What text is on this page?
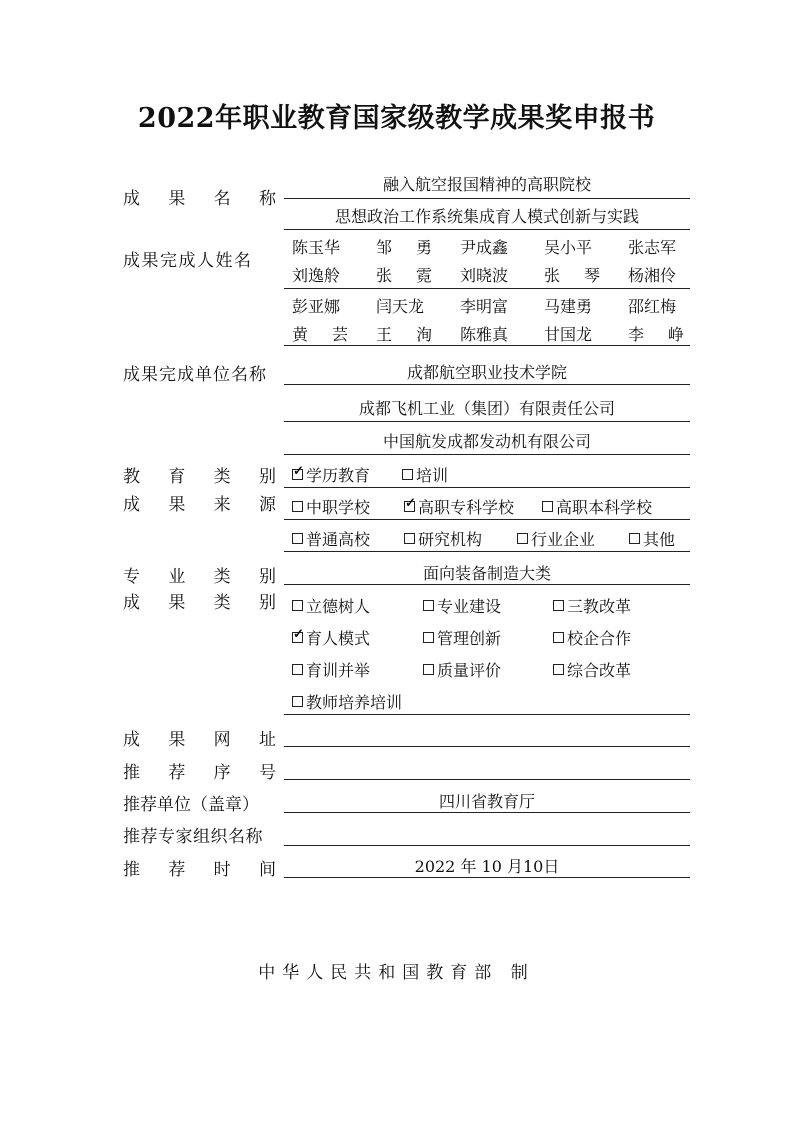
2022年职业教育国家级教学成果奖申报书
成 果 名 称
融入航空报国精神的高职院校
思想政治工作系统集成育人模式创新与实践
成果完成人姓名
陈玉华 邹 勇 尹成鑫 吴小平 张志军
刘逸舲 张 霓 刘晓波 张 琴 杨湘伶
彭亚娜 闫天龙 李明富 马建勇 邵红梅
黄 芸 王 洵 陈雅真 甘国龙 李 峥
成果完成单位名称	成都航空职业技术学院
成都飞机工业（集团）有限责任公司
中国航发成都发动机有限公司
教 育 类 别
成 果 来 源
✓
学历教育	培训
中职学校
✓	高职专科学校	高职本科学校
普通高校	研究机构	行业企业	其他
专 业 类 别	面向装备制造大类
成 果 类 别 立德树人	专业建设	三教改革
✓
育人模式	管理创新	校企合作
育训并举	质量评价	综合改革
教师培养培训
成 果 网 址
推 荐 序 号
推荐单位（盖章）	四川省教育厅
推荐专家组织名称
推 荐 时 间	2022 年 10 月10日
中华人民共和国教育部 制
